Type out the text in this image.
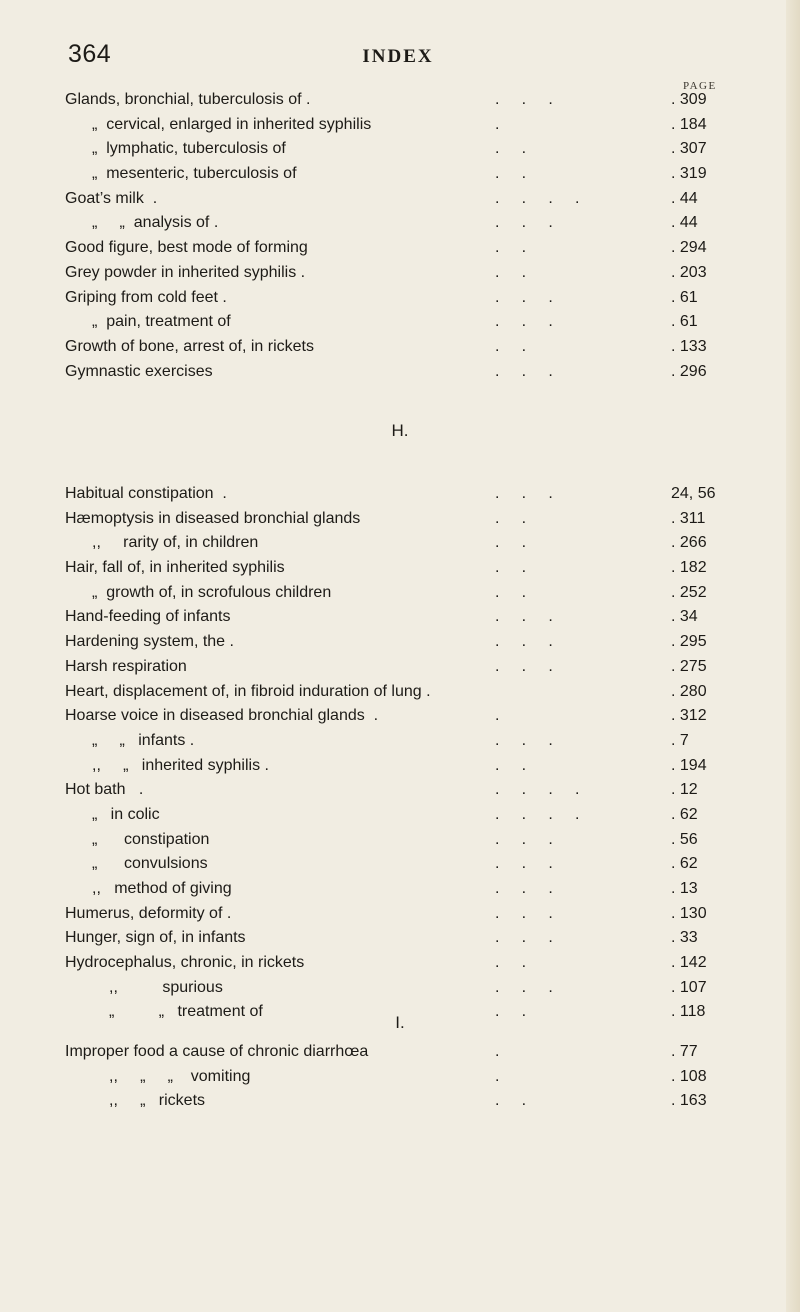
364	INDEX
PAGE
Glands, bronchial, tuberculosis of .	.     .     .	. 309
„  cervical, enlarged in inherited syphilis	.	. 184
„  lymphatic, tuberculosis of	.     .	. 307
„  mesenteric, tuberculosis of	.     .	. 319
Goat’s milk  .	.     .     .     .	. 44
„     „  analysis of .	.     .     .	. 44
Good figure, best mode of forming	.     .	. 294
Grey powder in inherited syphilis .	.     .	. 203
Griping from cold feet .	.     .     .	. 61
„  pain, treatment of	.     .     .	. 61
Growth of bone, arrest of, in rickets	.     .	. 133
Gymnastic exercises	.     .     .	. 296
H.
Habitual constipation  .	.     .     .	24, 56
Hæmoptysis in diseased bronchial glands	.     .	. 311
,,     rarity of, in children	.     .	. 266
Hair, fall of, in inherited syphilis	.     .	. 182
„  growth of, in scrofulous children	.     .	. 252
Hand-feeding of infants	.     .     .	. 34
Hardening system, the .	.     .     .	. 295
Harsh respiration	.     .     .	. 275
Heart, displacement of, in fibroid induration of lung .	. 280
Hoarse voice in diseased bronchial glands  .	.	. 312
„     „   infants .	.     .     .	. 7
,,     „   inherited syphilis .	.     .	. 194
Hot bath   .	.     .     .     .	. 12
„   in colic	.     .     .     .	. 62
„      constipation	.     .     .	. 56
„      convulsions	.     .     .	. 62
,,   method of giving	.     .     .	. 13
Humerus, deformity of .	.     .     .	. 130
Hunger, sign of, in infants	.     .     .	. 33
Hydrocephalus, chronic, in rickets	.     .	. 142
,,          spurious	.     .     .	. 107
„          „   treatment of	.     .	. 118
I.
Improper food a cause of chronic diarrhœa	.	. 77
,,     „     „    vomiting	.	. 108
,,     „   rickets	.     .	. 163
